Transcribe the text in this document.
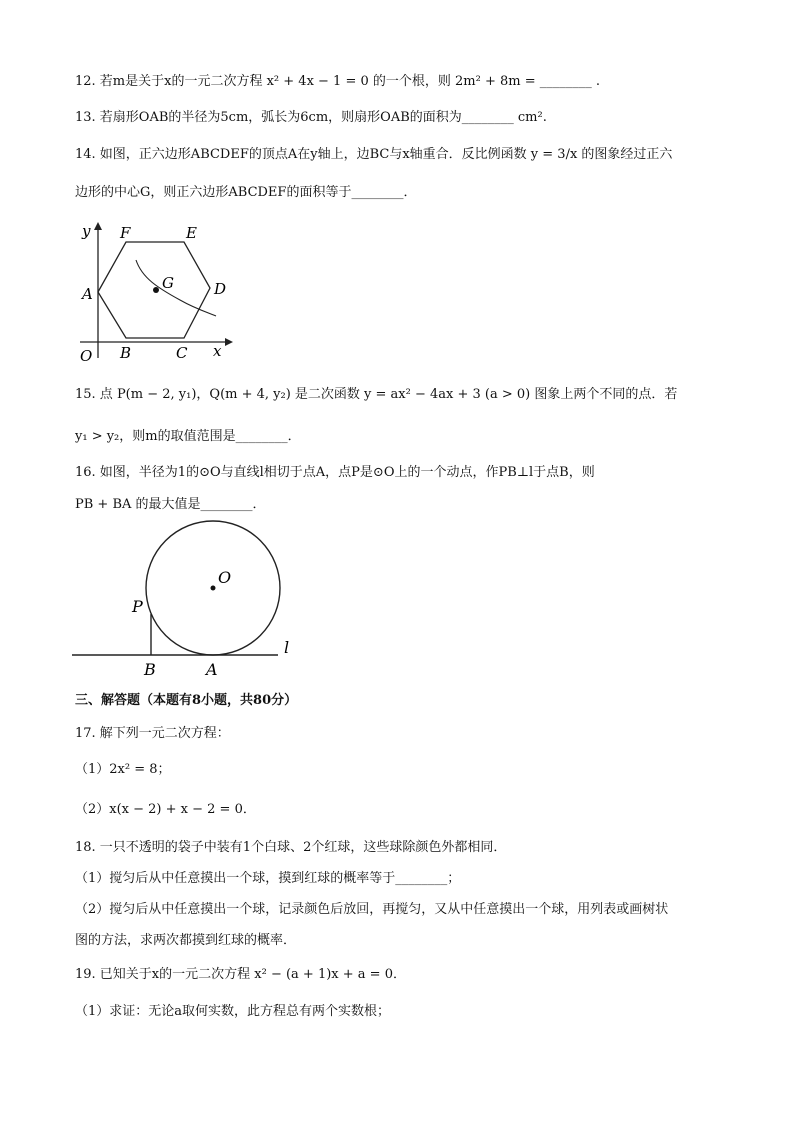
12. 若m是关于x的一元二次方程 x² + 4x − 1 = 0 的一个根，则 2m² + 8m = ________ .
13. 若扇形OAB的半径为5cm，弧长为6cm，则扇形OAB的面积为________ cm².
14. 如图，正六边形ABCDEF的顶点A在y轴上，边BC与x轴重合．反比例函数 y = 3/x 的图象经过正六
边形的中心G，则正六边形ABCDEF的面积等于________．
y
x
O
A
B	C
D
E
F
G
15. 点 P(m − 2, y₁)，Q(m + 4, y₂) 是二次函数 y = ax² − 4ax + 3 (a > 0) 图象上两个不同的点．若
y₁ > y₂，则m的取值范围是________．
16. 如图，半径为1的⊙O与直线l相切于点A，点P是⊙O上的一个动点，作PB⊥l于点B，则
PB + BA 的最大值是________．
O
P
B	A
l
三、解答题（本题有8小题，共80分）
17. 解下列一元二次方程：
（1）2x² = 8；
（2）x(x − 2) + x − 2 = 0．
18. 一只不透明的袋子中装有1个白球、2个红球，这些球除颜色外都相同．
（1）搅匀后从中任意摸出一个球，摸到红球的概率等于________；
（2）搅匀后从中任意摸出一个球，记录颜色后放回，再搅匀，又从中任意摸出一个球，用列表或画树状
图的方法，求两次都摸到红球的概率．
19. 已知关于x的一元二次方程 x² − (a + 1)x + a = 0．
（1）求证：无论a取何实数，此方程总有两个实数根；
